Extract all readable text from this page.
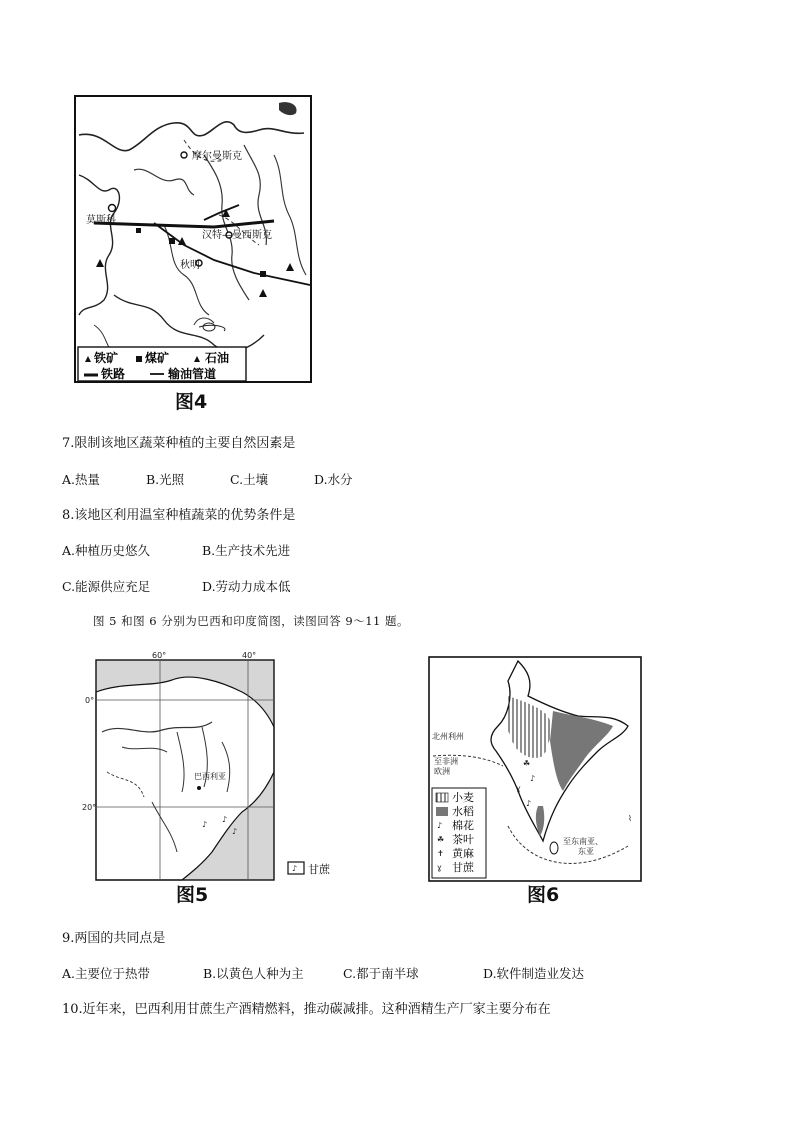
摩尔曼斯克
莫斯科
汉特—曼西斯克
秋明
铁矿 煤矿	石油
铁路	输油管道
图4
7.限制该地区蔬菜种植的主要自然因素是
A.热量	B.光照	C.土壤	D.水分
8.该地区利用温室种植蔬菜的优势条件是
A.种植历史悠久	B.生产技术先进
C.能源供应充足	D.劳动力成本低
图 5 和图 6 分别为巴西和印度简图，读图回答 9～11 题。
60°	40°
0°
20°
巴西利亚
♪
♪
♪
♪ 甘蔗
图5
☘
♪
ɣ
♪
⌇
北州利州
至非洲
欧洲
至东南亚、
东亚
♪
☘
✝
ɣ
小麦
水稻
棉花
茶叶
黄麻
甘蔗
图6
9.两国的共同点是
A.主要位于热带	B.以黄色人种为主	C.都于南半球	D.软件制造业发达
10.近年来，巴西利用甘蔗生产酒精燃料，推动碳减排。这种酒精生产厂家主要分布在
